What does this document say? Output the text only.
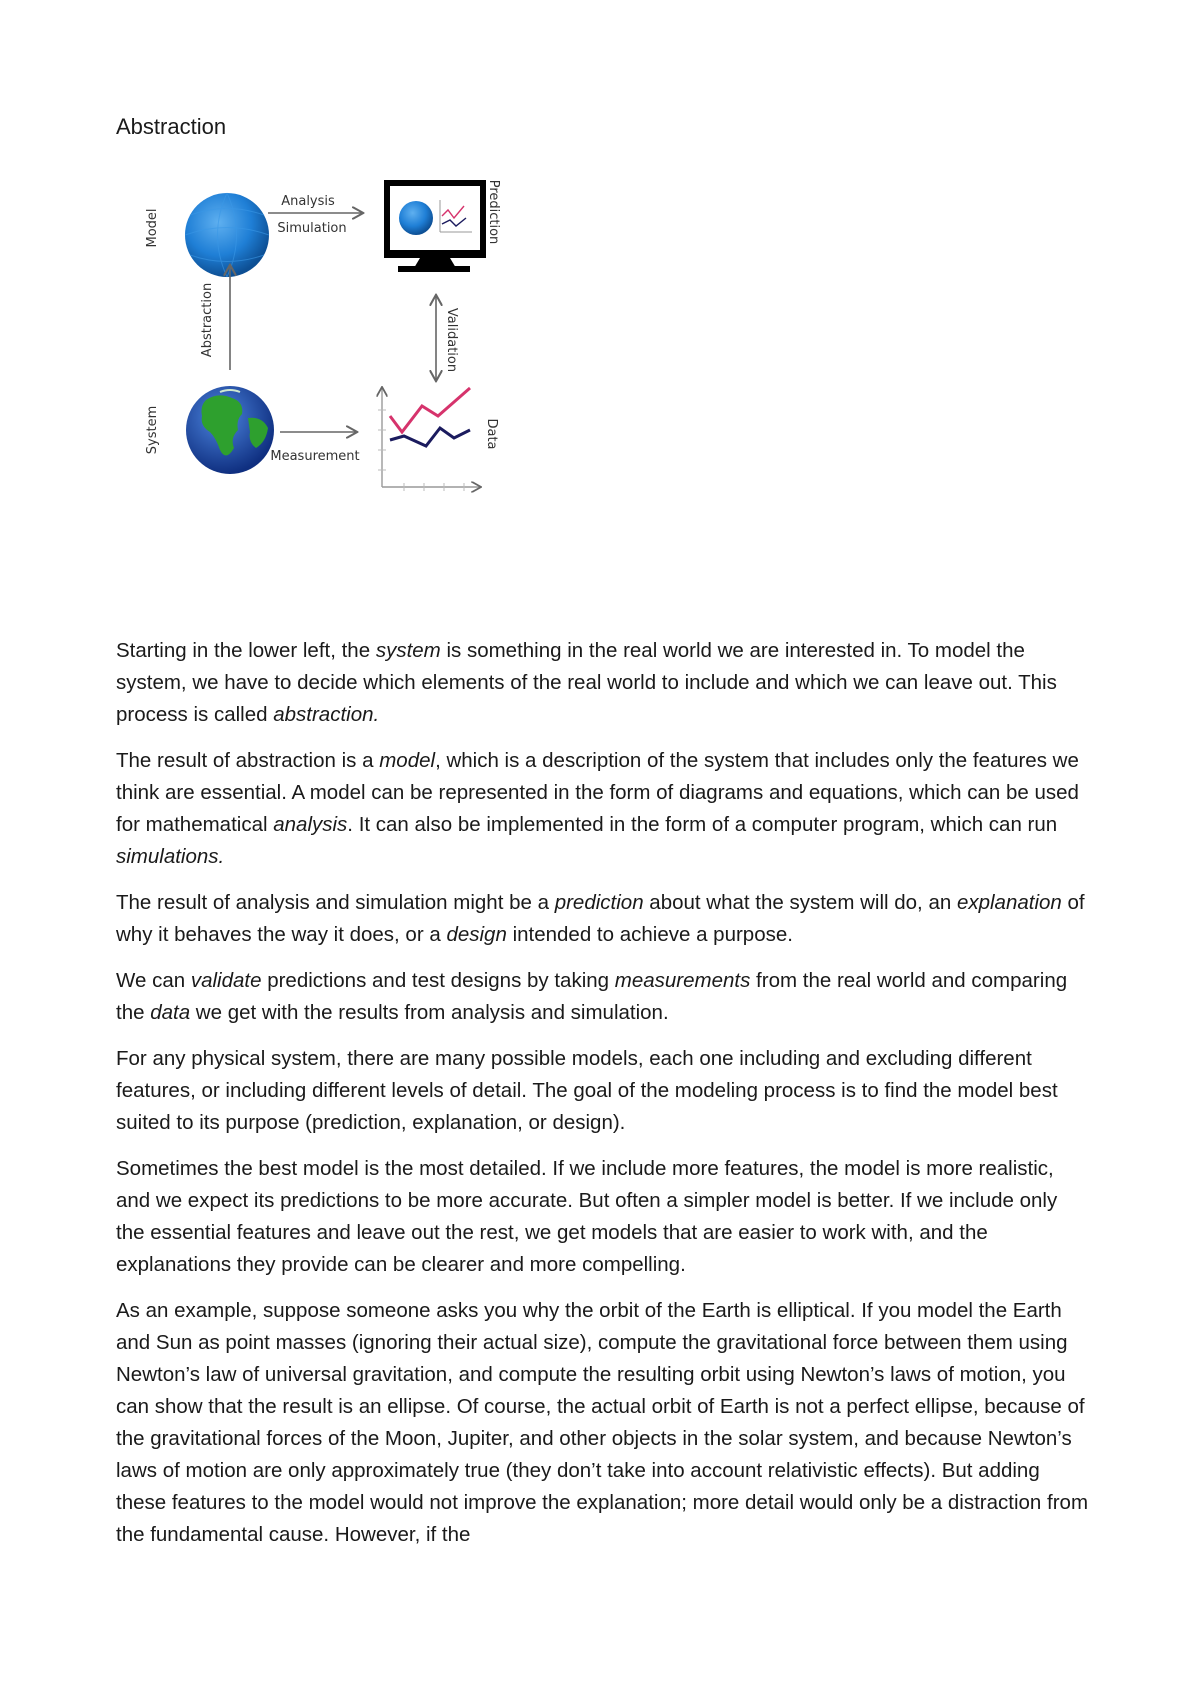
Abstraction
Model
Analysis
Simulation	Prediction
Abstraction	Validation
System
Measurement
Data

Starting in the lower left, the system is something in the real world we are interested in. To model the system, we have to decide which elements of the real world to include and which we can leave out. This process is called abstraction.

The result of abstraction is a model, which is a description of the system that includes only the features we think are essential. A model can be represented in the form of diagrams and equations, which can be used for mathematical analysis. It can also be implemented in the form of a computer program, which can run simulations.

The result of analysis and simulation might be a prediction about what the system will do, an explanation of why it behaves the way it does, or a design intended to achieve a purpose.

We can validate predictions and test designs by taking measurements from the real world and comparing the data we get with the results from analysis and simulation.

For any physical system, there are many possible models, each one including and excluding different features, or including different levels of detail. The goal of the modeling process is to find the model best suited to its purpose (prediction, explanation, or design).

Sometimes the best model is the most detailed. If we include more features, the model is more realistic, and we expect its predictions to be more accurate. But often a simpler model is better. If we include only the essential features and leave out the rest, we get models that are easier to work with, and the explanations they provide can be clearer and more compelling.

As an example, suppose someone asks you why the orbit of the Earth is elliptical. If you model the Earth and Sun as point masses (ignoring their actual size), compute the gravitational force between them using Newton’s law of universal gravitation, and compute the resulting orbit using Newton’s laws of motion, you can show that the result is an ellipse. Of course, the actual orbit of Earth is not a perfect ellipse, because of the gravitational forces of the Moon, Jupiter, and other objects in the solar system, and because Newton’s laws of motion are only approximately true (they don’t take into account relativistic effects). But adding these features to the model would not improve the explanation; more detail would only be a distraction from the fundamental cause. However, if the
